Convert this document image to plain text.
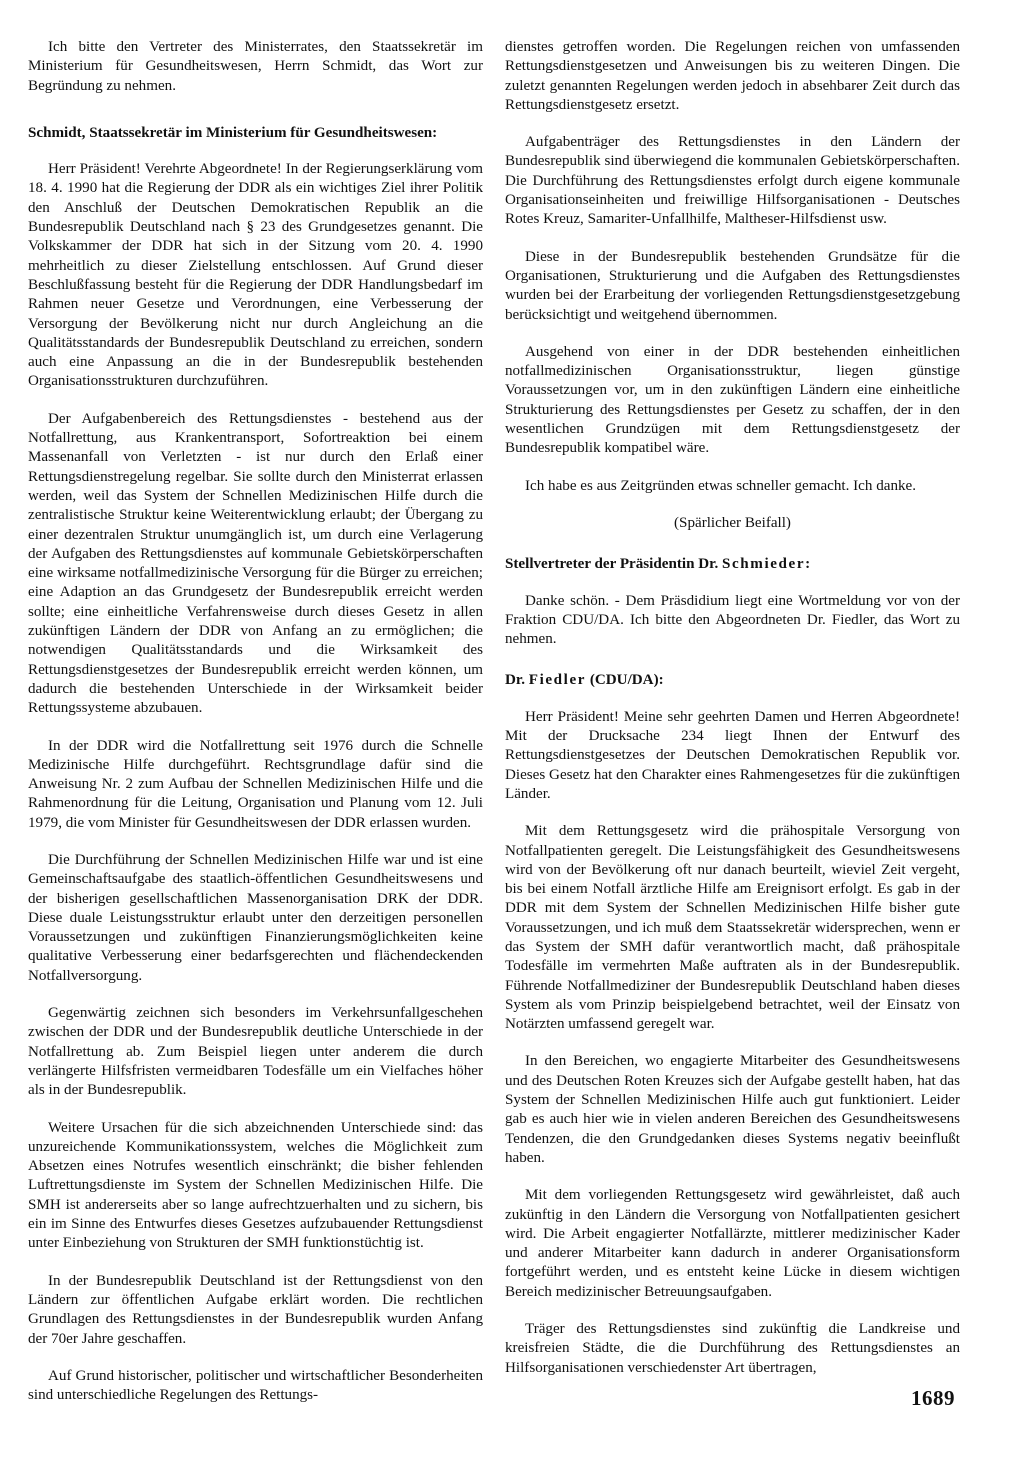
Ich bitte den Vertreter des Ministerrates, den Staatssekretär im Ministerium für Gesundheitswesen, Herrn Schmidt, das Wort zur Begründung zu nehmen.

Schmidt, Staatssekretär im Ministerium für Gesundheitswesen:

Herr Präsident! Verehrte Abgeordnete! In der Regierungserklärung vom 18. 4. 1990 hat die Regierung der DDR als ein wichtiges Ziel ihrer Politik den Anschluß der Deutschen Demokratischen Republik an die Bundesrepublik Deutschland nach § 23 des Grundgesetzes genannt. Die Volkskammer der DDR hat sich in der Sitzung vom 20. 4. 1990 mehrheitlich zu dieser Zielstellung entschlossen. Auf Grund dieser Beschlußfassung besteht für die Regierung der DDR Handlungsbedarf im Rahmen neuer Gesetze und Verordnungen, eine Verbesserung der Versorgung der Bevölkerung nicht nur durch Angleichung an die Qualitätsstandards der Bundesrepublik Deutschland zu erreichen, sondern auch eine Anpassung an die in der Bundesrepublik bestehenden Organisationsstrukturen durchzuführen.

Der Aufgabenbereich des Rettungsdienstes - bestehend aus der Notfallrettung, aus Krankentransport, Sofortreaktion bei einem Massenanfall von Verletzten - ist nur durch den Erlaß einer Rettungsdienstregelung regelbar. Sie sollte durch den Ministerrat erlassen werden, weil das System der Schnellen Medizinischen Hilfe durch die zentralistische Struktur keine Weiterentwicklung erlaubt; der Übergang zu einer dezentralen Struktur unumgänglich ist, um durch eine Verlagerung der Aufgaben des Rettungsdienstes auf kommunale Gebietskörperschaften eine wirksame notfallmedizinische Versorgung für die Bürger zu erreichen; eine Adaption an das Grundgesetz der Bundesrepublik erreicht werden sollte; eine einheitliche Verfahrensweise durch dieses Gesetz in allen zukünftigen Ländern der DDR von Anfang an zu ermöglichen; die notwendigen Qualitätsstandards und die Wirksamkeit des Rettungsdienstgesetzes der Bundesrepublik erreicht werden können, um dadurch die bestehenden Unterschiede in der Wirksamkeit beider Rettungssysteme abzubauen.

In der DDR wird die Notfallrettung seit 1976 durch die Schnelle Medizinische Hilfe durchgeführt. Rechtsgrundlage dafür sind die Anweisung Nr. 2 zum Aufbau der Schnellen Medizinischen Hilfe und die Rahmenordnung für die Leitung, Organisation und Planung vom 12. Juli 1979, die vom Minister für Gesundheitswesen der DDR erlassen wurden.

Die Durchführung der Schnellen Medizinischen Hilfe war und ist eine Gemeinschaftsaufgabe des staatlich-öffentlichen Gesundheitswesens und der bisherigen gesellschaftlichen Massenorganisation DRK der DDR. Diese duale Leistungsstruktur erlaubt unter den derzeitigen personellen Voraussetzungen und zukünftigen Finanzierungsmöglichkeiten keine qualitative Verbesserung einer bedarfsgerechten und flächendeckenden Notfallversorgung.

Gegenwärtig zeichnen sich besonders im Verkehrsunfallgeschehen zwischen der DDR und der Bundesrepublik deutliche Unterschiede in der Notfallrettung ab. Zum Beispiel liegen unter anderem die durch verlängerte Hilfsfristen vermeidbaren Todesfälle um ein Vielfaches höher als in der Bundesrepublik.

Weitere Ursachen für die sich abzeichnenden Unterschiede sind: das unzureichende Kommunikationssystem, welches die Möglichkeit zum Absetzen eines Notrufes wesentlich einschränkt; die bisher fehlenden Luftrettungsdienste im System der Schnellen Medizinischen Hilfe. Die SMH ist andererseits aber so lange aufrechtzuerhalten und zu sichern, bis ein im Sinne des Entwurfes dieses Gesetzes aufzubauender Rettungsdienst unter Einbeziehung von Strukturen der SMH funktionstüchtig ist.

In der Bundesrepublik Deutschland ist der Rettungsdienst von den Ländern zur öffentlichen Aufgabe erklärt worden. Die rechtlichen Grundlagen des Rettungsdienstes in der Bundesrepublik wurden Anfang der 70er Jahre geschaffen.

Auf Grund historischer, politischer und wirtschaftlicher Besonderheiten sind unterschiedliche Regelungen des Rettungs-

dienstes getroffen worden. Die Regelungen reichen von umfassenden Rettungsdienstgesetzen und Anweisungen bis zu weiteren Dingen. Die zuletzt genannten Regelungen werden jedoch in absehbarer Zeit durch das Rettungsdienstgesetz ersetzt.

Aufgabenträger des Rettungsdienstes in den Ländern der Bundesrepublik sind überwiegend die kommunalen Gebietskörperschaften. Die Durchführung des Rettungsdienstes erfolgt durch eigene kommunale Organisationseinheiten und freiwillige Hilfsorganisationen - Deutsches Rotes Kreuz, Samariter-Unfallhilfe, Maltheser-Hilfsdienst usw.

Diese in der Bundesrepublik bestehenden Grundsätze für die Organisationen, Strukturierung und die Aufgaben des Rettungsdienstes wurden bei der Erarbeitung der vorliegenden Rettungsdienstgesetzgebung berücksichtigt und weitgehend übernommen.

Ausgehend von einer in der DDR bestehenden einheitlichen notfallmedizinischen Organisationsstruktur, liegen günstige Voraussetzungen vor, um in den zukünftigen Ländern eine einheitliche Strukturierung des Rettungsdienstes per Gesetz zu schaffen, der in den wesentlichen Grundzügen mit dem Rettungsdienstgesetz der Bundesrepublik kompatibel wäre.

Ich habe es aus Zeitgründen etwas schneller gemacht. Ich danke.

(Spärlicher Beifall)

Stellvertreter der Präsidentin Dr. Schmieder:

Danke schön. - Dem Präsdidium liegt eine Wortmeldung vor von der Fraktion CDU/DA. Ich bitte den Abgeordneten Dr. Fiedler, das Wort zu nehmen.

Dr. Fiedler (CDU/DA):

Herr Präsident! Meine sehr geehrten Damen und Herren Abgeordnete! Mit der Drucksache 234 liegt Ihnen der Entwurf des Rettungsdienstgesetzes der Deutschen Demokratischen Republik vor. Dieses Gesetz hat den Charakter eines Rahmengesetzes für die zukünftigen Länder.

Mit dem Rettungsgesetz wird die prähospitale Versorgung von Notfallpatienten geregelt. Die Leistungsfähigkeit des Gesundheitswesens wird von der Bevölkerung oft nur danach beurteilt, wieviel Zeit vergeht, bis bei einem Notfall ärztliche Hilfe am Ereignisort erfolgt. Es gab in der DDR mit dem System der Schnellen Medizinischen Hilfe bisher gute Voraussetzungen, und ich muß dem Staatssekretär widersprechen, wenn er das System der SMH dafür verantwortlich macht, daß prähospitale Todesfälle im vermehrten Maße auftraten als in der Bundesrepublik. Führende Notfallmediziner der Bundesrepublik Deutschland haben dieses System als vom Prinzip beispielgebend betrachtet, weil der Einsatz von Notärzten umfassend geregelt war.

In den Bereichen, wo engagierte Mitarbeiter des Gesundheitswesens und des Deutschen Roten Kreuzes sich der Aufgabe gestellt haben, hat das System der Schnellen Medizinischen Hilfe auch gut funktioniert. Leider gab es auch hier wie in vielen anderen Bereichen des Gesundheitswesens Tendenzen, die den Grundgedanken dieses Systems negativ beeinflußt haben.

Mit dem vorliegenden Rettungsgesetz wird gewährleistet, daß auch zukünftig in den Ländern die Versorgung von Notfallpatienten gesichert wird. Die Arbeit engagierter Notfallärzte, mittlerer medizinischer Kader und anderer Mitarbeiter kann dadurch in anderer Organisationsform fortgeführt werden, und es entsteht keine Lücke in diesem wichtigen Bereich medizinischer Betreuungsaufgaben.

Träger des Rettungsdienstes sind zukünftig die Landkreise und kreisfreien Städte, die die Durchführung des Rettungsdienstes an Hilfsorganisationen verschiedenster Art übertragen,

1689
